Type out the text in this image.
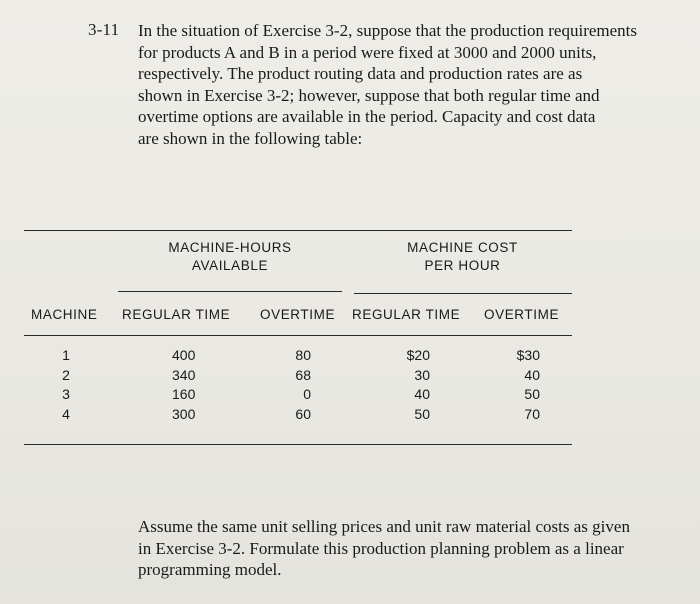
3-11 In the situation of Exercise 3-2, suppose that the production requirements
for products A and B in a period were fixed at 3000 and 2000 units,
respectively. The product routing data and production rates are as
shown in Exercise 3-2; however, suppose that both regular time and
overtime options are available in the period. Capacity and cost data
are shown in the following table:
MACHINE-HOURS
AVAILABLE
MACHINE COST
PER HOUR
MACHINE REGULAR TIME OVERTIME REGULAR TIME OVERTIME
1
2
3
4
400
340
160
300
80
68
0
60
$20
30
40
50
$30
40
50
70
Assume the same unit selling prices and unit raw material costs as given
in Exercise 3-2. Formulate this production planning problem as a linear
programming model.
